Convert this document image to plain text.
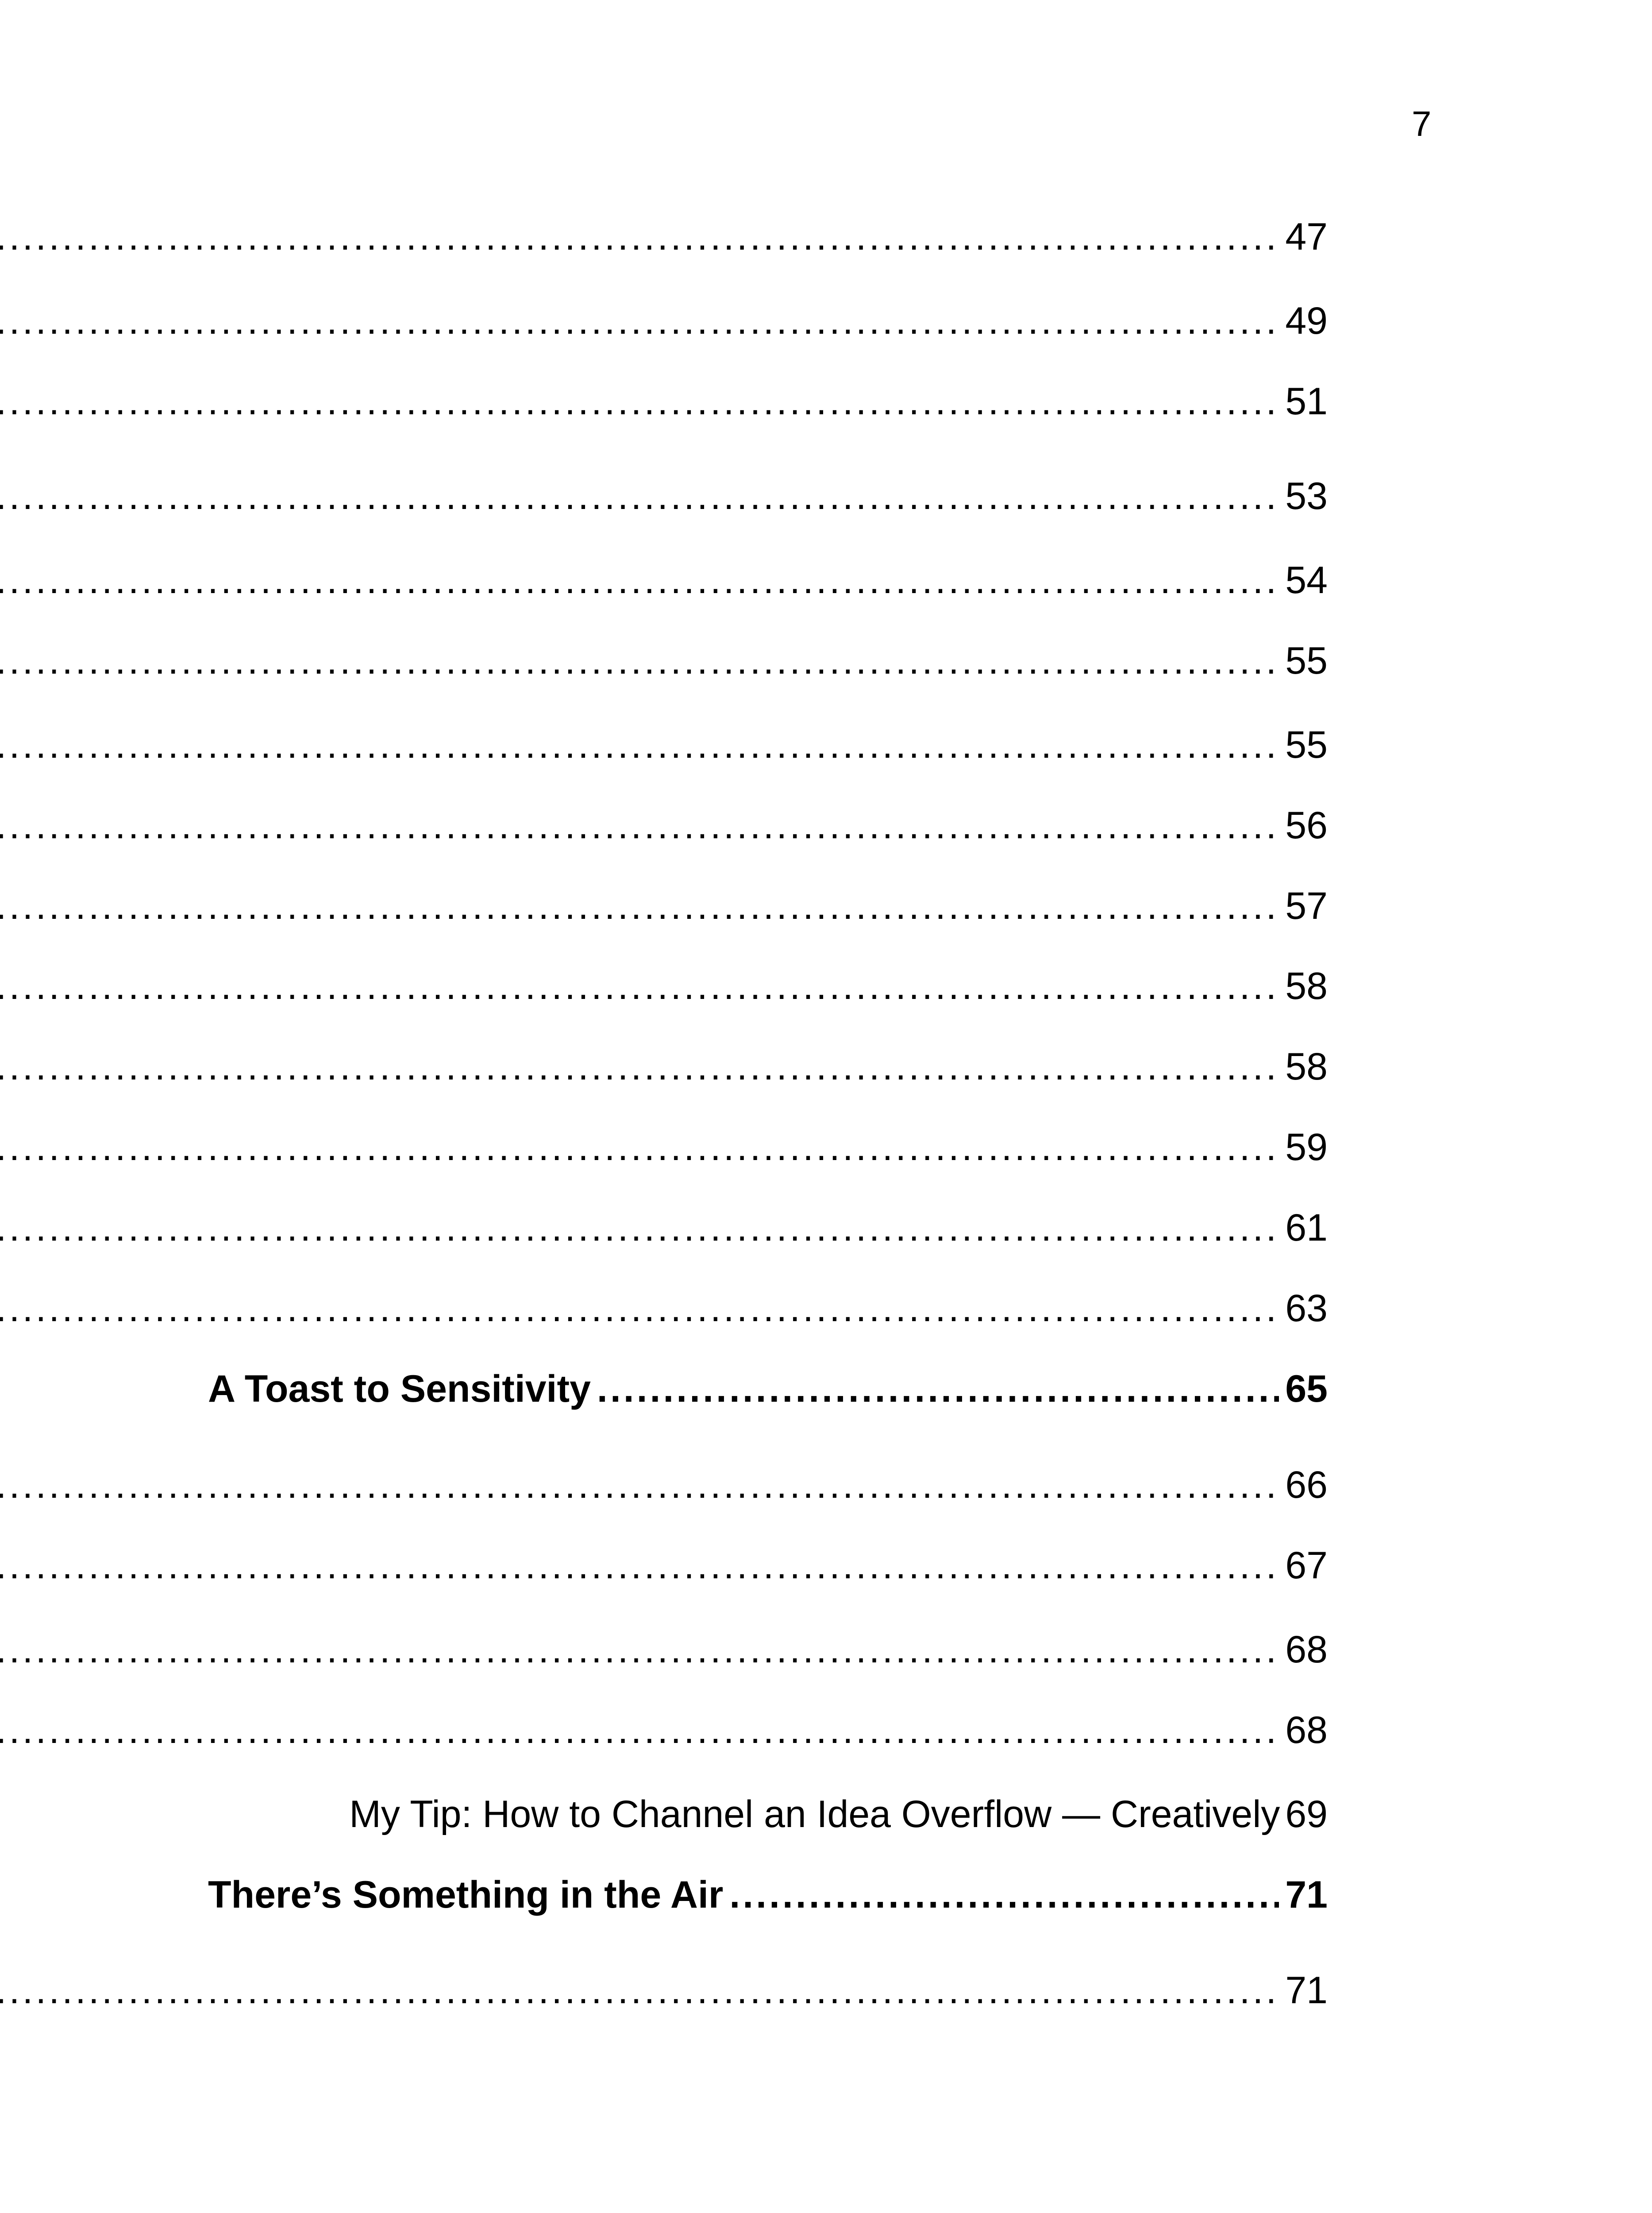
7
.....
47
.....
49
.....
51
.....
53
.....
54
.....
55
.....
55
.....
56
.....
57
.....
58
.....
58
.....
59
.....
61
.....
63
A Toast to Sensitivity .....	65
.....
66
.....
67
.....
68
.....
68
My Tip: How to Channel an Idea Overflow — Creatively 69
There’s Something in the Air .....	71
.....
71
